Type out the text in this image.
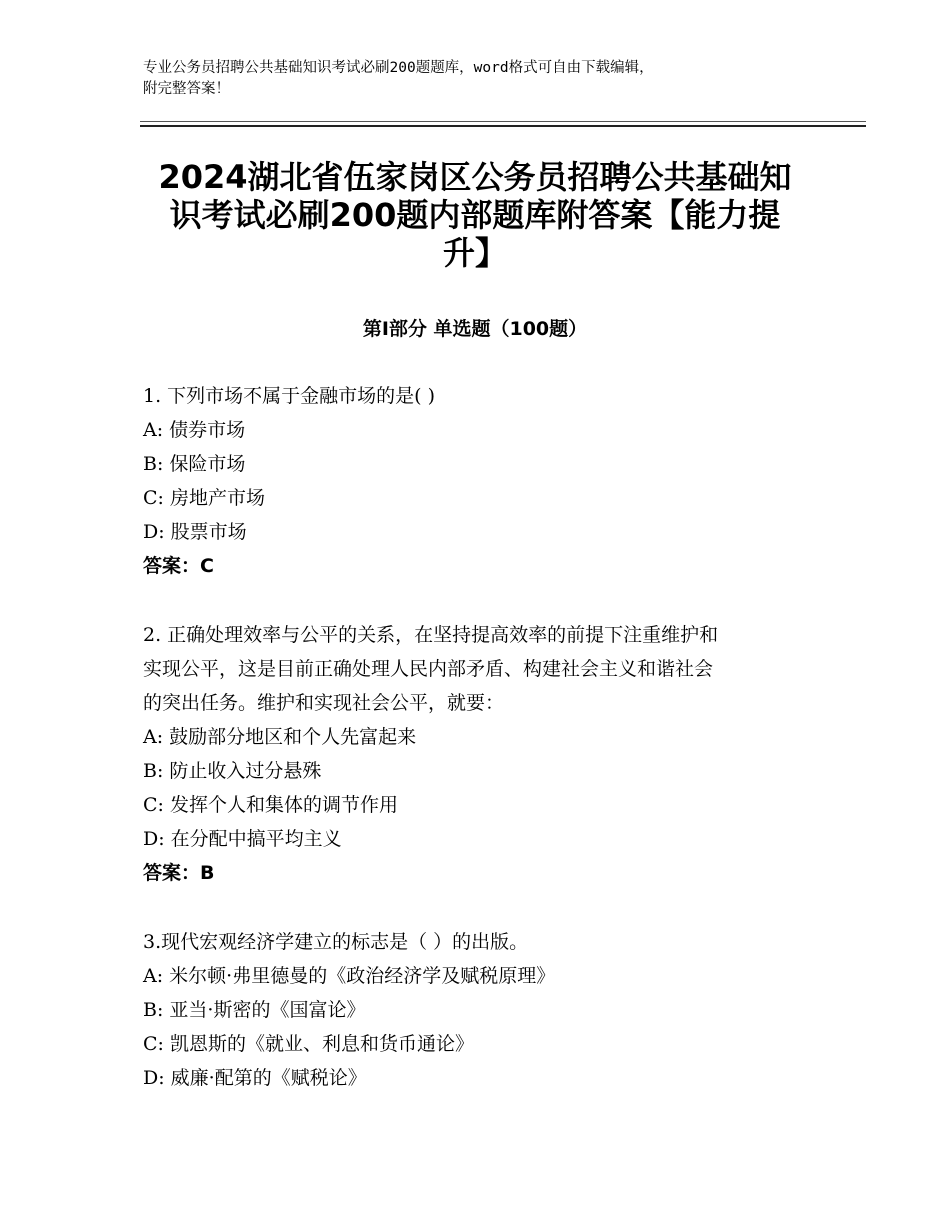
专业公务员招聘公共基础知识考试必刷200题题库，word格式可自由下载编辑，
附完整答案！
2024湖北省伍家岗区公务员招聘公共基础知
识考试必刷200题内部题库附答案【能力提
升】
第Ⅰ部分 单选题（100题）
1. 下列市场不属于金融市场的是( )
A: 债券市场
B: 保险市场
C: 房地产市场
D: 股票市场
答案：C
2. 正确处理效率与公平的关系，在坚持提高效率的前提下注重维护和
实现公平，这是目前正确处理人民内部矛盾、构建社会主义和谐社会
的突出任务。维护和实现社会公平，就要：
A: 鼓励部分地区和个人先富起来
B: 防止收入过分悬殊
C: 发挥个人和集体的调节作用
D: 在分配中搞平均主义
答案：B
3.现代宏观经济学建立的标志是（ ）的出版。
A: 米尔顿·弗里德曼的《政治经济学及赋税原理》
B: 亚当·斯密的《国富论》
C: 凯恩斯的《就业、利息和货币通论》
D: 威廉·配第的《赋税论》
